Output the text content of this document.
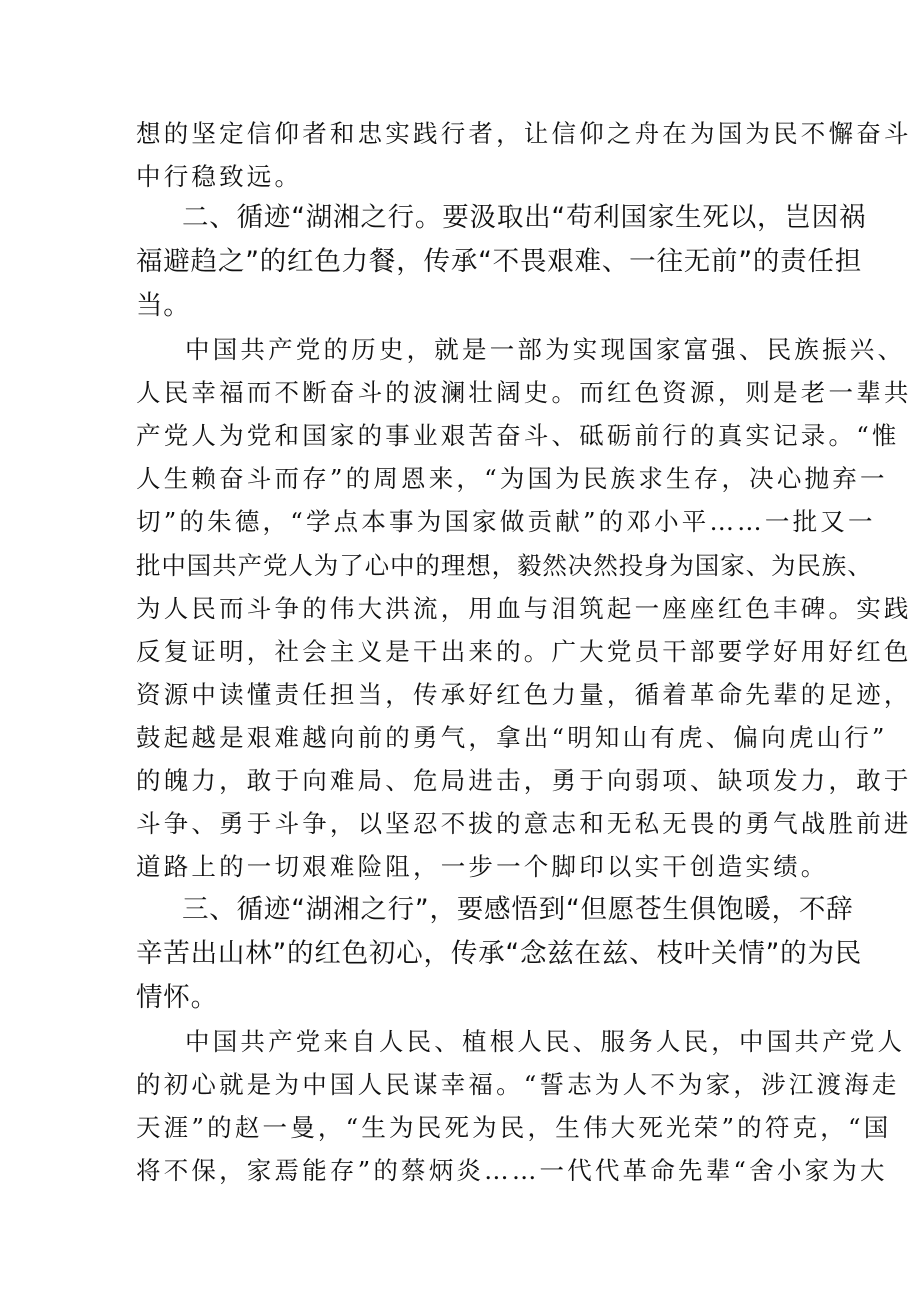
想的坚定信仰者和忠实践行者，让信仰之舟在为国为民不懈奋斗
中行稳致远。
二、循迹“湖湘之行。要汲取出“苟利国家生死以，岂因祸
福避趋之”的红色力餐，传承“不畏艰难、一往无前”的责任担
当。
中国共产党的历史，就是一部为实现国家富强、民族振兴、
人民幸福而不断奋斗的波澜壮阔史。而红色资源，则是老一辈共
产党人为党和国家的事业艰苦奋斗、砥砺前行的真实记录。“惟
人生赖奋斗而存”的周恩来，“为国为民族求生存，决心抛弃一
切”的朱德，“学点本事为国家做贡献”的邓小平……一批又一
批中国共产党人为了心中的理想，毅然决然投身为国家、为民族、
为人民而斗争的伟大洪流，用血与泪筑起一座座红色丰碑。实践
反复证明，社会主义是干出来的。广大党员干部要学好用好红色
资源中读懂责任担当，传承好红色力量，循着革命先辈的足迹，
鼓起越是艰难越向前的勇气，拿出“明知山有虎、偏向虎山行”
的魄力，敢于向难局、危局进击，勇于向弱项、缺项发力，敢于
斗争、勇于斗争，以坚忍不拔的意志和无私无畏的勇气战胜前进
道路上的一切艰难险阻，一步一个脚印以实干创造实绩。
三、循迹“湖湘之行”，要感悟到“但愿苍生俱饱暖，不辞
辛苦出山林”的红色初心，传承“念兹在兹、枝叶关情”的为民
情怀。
中国共产党来自人民、植根人民、服务人民，中国共产党人
的初心就是为中国人民谋幸福。“誓志为人不为家，涉江渡海走
天涯”的赵一曼，“生为民死为民，生伟大死光荣”的符克，“国
将不保，家焉能存”的蔡炳炎……一代代革命先辈“舍小家为大
